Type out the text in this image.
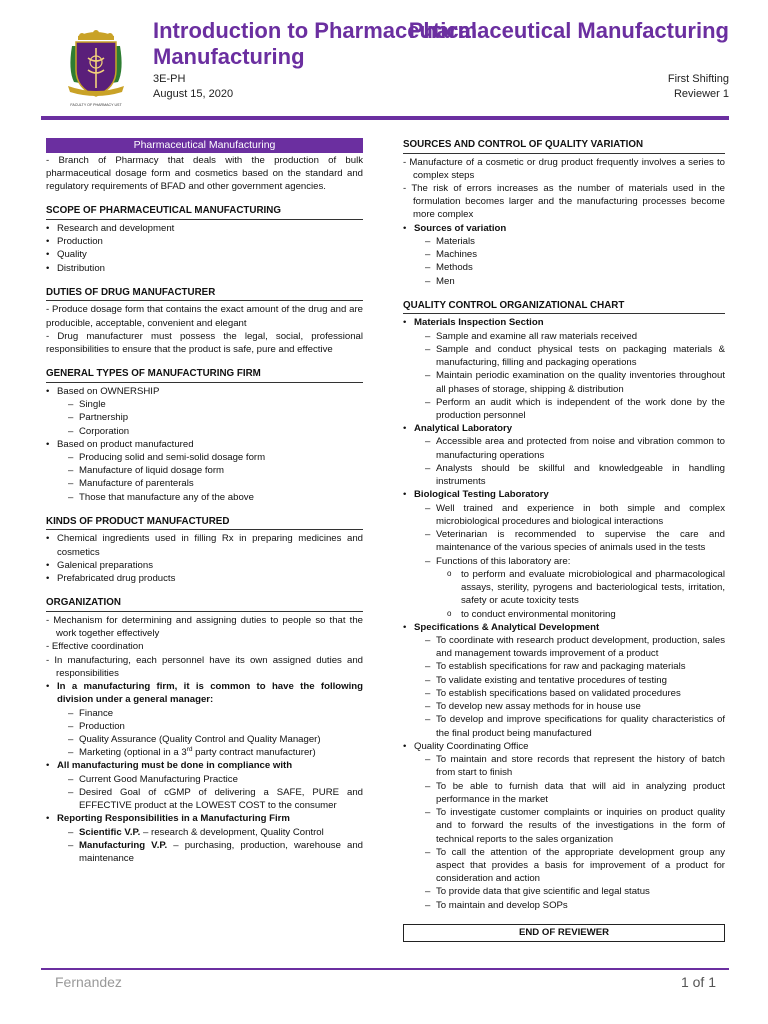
FACULTY OF PHARMACY UST
Introduction to Pharmaceutical Manufacturing
3E-PH
August 15, 2020
Pharmaceutical Manufacturing
First Shifting
Reviewer 1
Pharmaceutical Manufacturing

- Branch of Pharmacy that deals with the production of bulk pharmaceutical dosage form and cosmetics based on the standard and regulatory requirements of BFAD and other government agencies.

SCOPE OF PHARMACEUTICAL MANUFACTURING
• Research and development
• Production
• Quality
• Distribution
DUTIES OF DRUG MANUFACTURER

- Produce dosage form that contains the exact amount of the drug and are producible, acceptable, convenient and elegant

- Drug manufacturer must possess the legal, social, professional responsibilities to ensure that the product is safe, pure and effective

GENERAL TYPES OF MANUFACTURING FIRM
• Based on OWNERSHIP
– Single
– Partnership
– Corporation
• Based on product manufactured
– Producing solid and semi-solid dosage form
– Manufacture of liquid dosage form
– Manufacture of parenterals
– Those that manufacture any of the above
KINDS OF PRODUCT MANUFACTURED
• Chemical ingredients used in filling Rx in preparing medicines and cosmetics
• Galenical preparations
• Prefabricated drug products
ORGANIZATION

- Mechanism for determining and assigning duties to people so that the work together effectively

- Effective coordination

- In manufacturing, each personnel have its own assigned duties and responsibilities

• In a manufacturing firm, it is common to have the following division under a general manager:
– Finance
– Production
– Quality Assurance (Quality Control and Quality Manager)
– Marketing (optional in a 3rd party contract manufacturer)
• All manufacturing must be done in compliance with
– Current Good Manufacturing Practice
– Desired Goal of cGMP of delivering a SAFE, PURE and EFFECTIVE product at the LOWEST COST to the consumer
• Reporting Responsibilities in a Manufacturing Firm
– Scientific V.P. – research & development, Quality Control
– Manufacturing V.P. – purchasing, production, warehouse and maintenance
SOURCES AND CONTROL OF QUALITY VARIATION

- Manufacture of a cosmetic or drug product frequently involves a series to complex steps

- The risk of errors increases as the number of materials used in the formulation becomes larger and the manufacturing processes become more complex

• Sources of variation
– Materials
– Machines
– Methods
– Men
QUALITY CONTROL ORGANIZATIONAL CHART
• Materials Inspection Section
– Sample and examine all raw materials received
– Sample and conduct physical tests on packaging materials & manufacturing, filling and packaging operations
– Maintain periodic examination on the quality inventories throughout all phases of storage, shipping & distribution
– Perform an audit which is independent of the work done by the production personnel
• Analytical Laboratory
– Accessible area and protected from noise and vibration common to manufacturing operations
– Analysts should be skillful and knowledgeable in handling instruments
• Biological Testing Laboratory
– Well trained and experience in both simple and complex microbiological procedures and biological interactions
– Veterinarian is recommended to supervise the care and maintenance of the various species of animals used in the tests
– Functions of this laboratory are:
o to perform and evaluate microbiological and pharmacological assays, sterility, pyrogens and bacteriological tests, irritation, safety or acute toxicity tests
o to conduct environmental monitoring
• Specifications & Analytical Development
– To coordinate with research product development, production, sales and management towards improvement of a product
– To establish specifications for raw and packaging materials
– To validate existing and tentative procedures of testing
– To establish specifications based on validated procedures
– To develop new assay methods for in house use
– To develop and improve specifications for quality characteristics of the final product being manufactured
• Quality Coordinating Office
– To maintain and store records that represent the history of batch from start to finish
– To be able to furnish data that will aid in analyzing product performance in the market
– To investigate customer complaints or inquiries on product quality and to forward the results of the investigations in the form of technical reports to the sales organization
– To call the attention of the appropriate development group any aspect that provides a basis for improvement of a product for consideration and action
– To provide data that give scientific and legal status
– To maintain and develop SOPs
END OF REVIEWER
Fernandez	1 of 1
